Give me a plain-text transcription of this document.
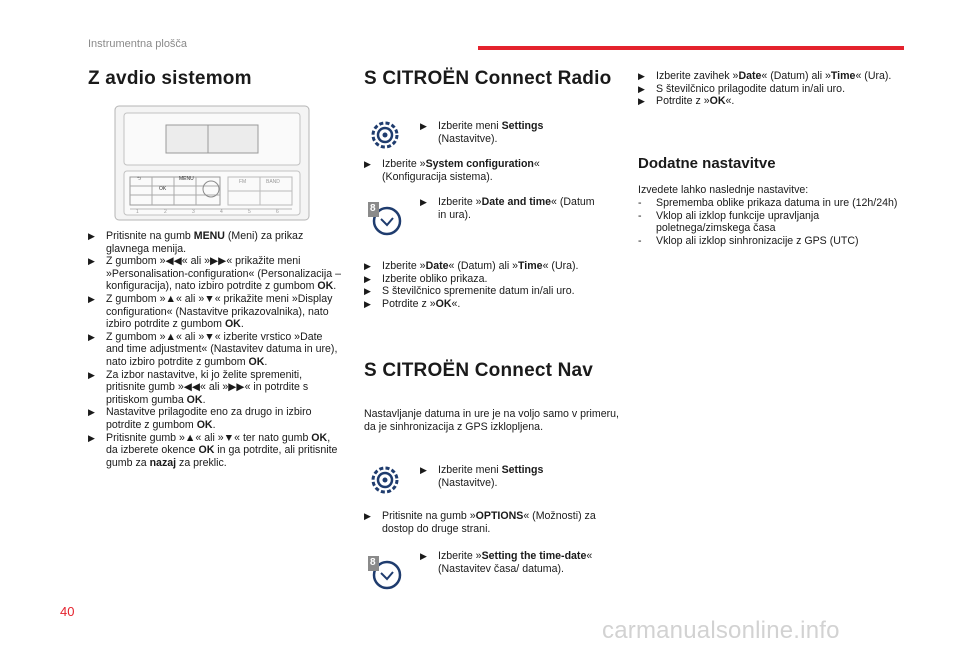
Instrumentna plošča
Z avdio sistemom
MENU
OK
⮌	FM	BAND
1	2	3	4	5	6

▶ Pritisnite na gumb MENU (Meni) za prikaz glavnega menija.

▶ Z gumbom »◀◀« ali »▶▶« prikažite meni »Personalisation-configuration« (Personalizacija – konfiguracija), nato izbiro potrdite z gumbom OK.

▶ Z gumbom »▲« ali »▼« prikažite meni »Display configuration« (Nastavitve prikazovalnika), nato izbiro potrdite z gumbom OK.

▶ Z gumbom »▲« ali »▼« izberite vrstico »Date and time adjustment« (Nastavitev datuma in ure), nato izbiro potrdite z gumbom OK.

▶ Za izbor nastavitve, ki jo želite spremeniti, pritisnite gumb »◀◀« ali »▶▶« in potrdite s pritiskom gumba OK.

▶ Nastavitve prilagodite eno za drugo in izbiro potrdite z gumbom OK.

▶ Pritisnite gumb »▲« ali »▼« ter nato gumb OK, da izberete okence OK in ga potrdite, ali pritisnite gumb za nazaj za preklic.

S CITROËN Connect Radio

▶ Izberite meni Settings (Nastavitve).

▶ Izberite »System configuration« (Konfiguracija sistema).

8

▶ Izberite »Date and time« (Datum in ura).

▶ Izberite »Date« (Datum) ali »Time« (Ura).

▶ Izberite obliko prikaza.

▶ S številčnico spremenite datum in/ali uro.

▶ Potrdite z »OK«.

S CITROËN Connect Nav
Nastavljanje datuma in ure je na voljo samo v primeru, da je sinhronizacija z GPS izklopljena.

▶ Izberite meni Settings (Nastavitve).

▶ Pritisnite na gumb »OPTIONS« (Možnosti) za dostop do druge strani.

8

▶ Izberite »Setting the time-date« (Nastavitev časa/ datuma).

▶ Izberite zavihek »Date« (Datum) ali »Time« (Ura).

▶ S številčnico prilagodite datum in/ali uro.

▶ Potrdite z »OK«.

Dodatne nastavitve
Izvedete lahko naslednje nastavitve:
- Sprememba oblike prikaza datuma in ure (12h/24h)
- Vklop ali izklop funkcije upravljanja poletnega/zimskega časa
- Vklop ali izklop sinhronizacije z GPS (UTC)
40
carmanualsonline.info
